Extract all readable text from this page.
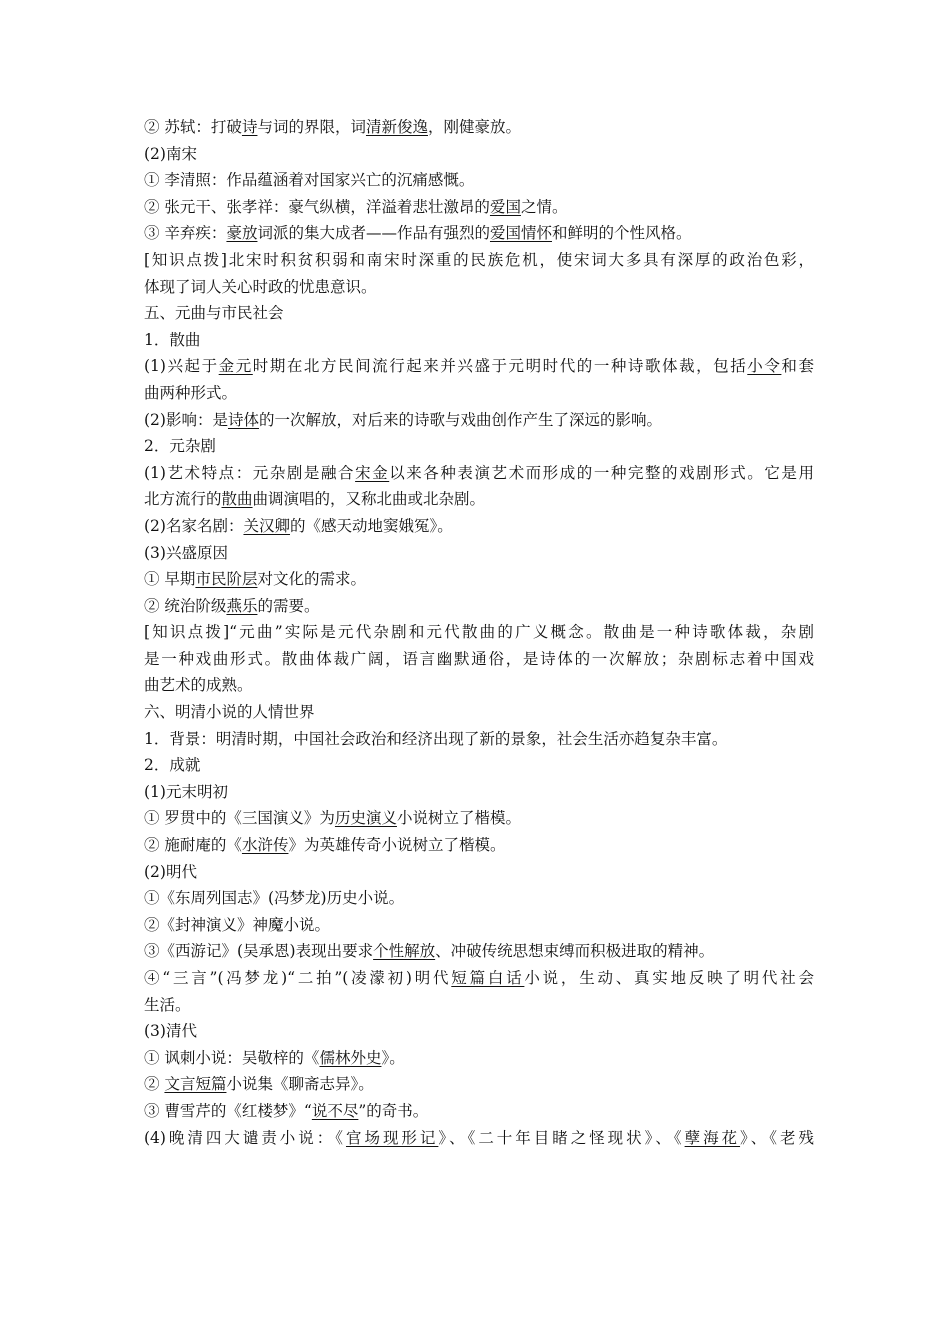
② 苏轼：打破诗与词的界限，词清新俊逸，刚健豪放。
(2)南宋
① 李清照：作品蕴涵着对国家兴亡的沉痛感慨。
② 张元干、张孝祥：豪气纵横，洋溢着悲壮激昂的爱国之情。
③ 辛弃疾：豪放词派的集大成者——作品有强烈的爱国情怀和鲜明的个性风格。
[知识点拨]北宋时积贫积弱和南宋时深重的民族危机，使宋词大多具有深厚的政治色彩，
体现了词人关心时政的忧患意识。
五、元曲与市民社会
1．散曲
(1)兴起于金元时期在北方民间流行起来并兴盛于元明时代的一种诗歌体裁，包括小令和套
曲两种形式。
(2)影响：是诗体的一次解放，对后来的诗歌与戏曲创作产生了深远的影响。
2．元杂剧
(1)艺术特点：元杂剧是融合宋金以来各种表演艺术而形成的一种完整的戏剧形式。它是用
北方流行的散曲曲调演唱的，又称北曲或北杂剧。
(2)名家名剧：关汉卿的《感天动地窦娥冤》。
(3)兴盛原因
① 早期市民阶层对文化的需求。
② 统治阶级燕乐的需要。
[知识点拨]“元曲”实际是元代杂剧和元代散曲的广义概念。散曲是一种诗歌体裁，杂剧
是一种戏曲形式。散曲体裁广阔，语言幽默通俗，是诗体的一次解放；杂剧标志着中国戏
曲艺术的成熟。
六、明清小说的人情世界
1．背景：明清时期，中国社会政治和经济出现了新的景象，社会生活亦趋复杂丰富。
2．成就
(1)元末明初
① 罗贯中的《三国演义》为历史演义小说树立了楷模。
② 施耐庵的《水浒传》为英雄传奇小说树立了楷模。
(2)明代
①《东周列国志》(冯梦龙)历史小说。
②《封神演义》神魔小说。
③《西游记》(吴承恩)表现出要求个性解放、冲破传统思想束缚而积极进取的精神。
④“三言”(冯梦龙)“二拍”(凌濛初)明代短篇白话小说，生动、真实地反映了明代社会
生活。
(3)清代
① 讽刺小说：吴敬梓的《儒林外史》。
② 文言短篇小说集《聊斋志异》。
③ 曹雪芹的《红楼梦》“说不尽”的奇书。
(4)晚清四大谴责小说：《官场现形记》、《二十年目睹之怪现状》、《孽海花》、《老残
